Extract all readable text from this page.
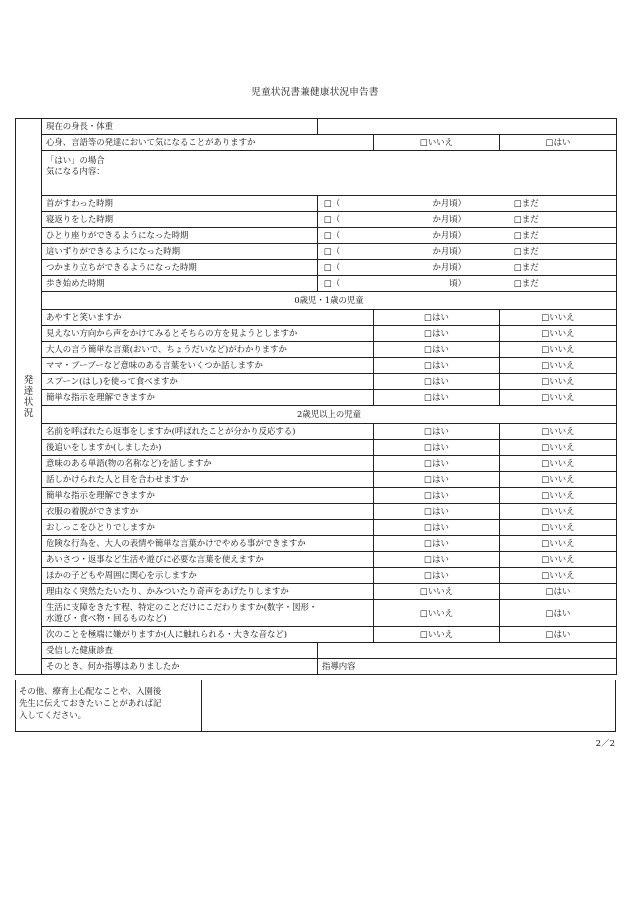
児童状況書兼健康状況申告書
発達状況	現在の身長・体重			
	心身、言語等の発達において気になることがありますか		□いいえ	□はい

	「はい」の場合
気になる内容：			

	首がすわった時期	□（ か月頃） □まだ		
	寝返りをした時期	□（ か月頃） □まだ		
	ひとり座りができるようになった時期	□（ か月頃） □まだ		
	這いずりができるようになった時期	□（ か月頃） □まだ		
	つかまり立ちができるようになった時期	□（ か月頃） □まだ		
	歩き始めた時期	□（ 頃） □まだ		
	0歳児・1歳の児童			
	あやすと笑いますか		□はい	□いいえ
	見えない方向から声をかけてみるとそちらの方を見ようとしますか		□はい	□いいえ
	大人の言う簡単な言葉(おいで、ちょうだいなど)がわかりますか		□はい	□いいえ
	ママ・ブーブーなど意味のある言葉をいくつか話しますか		□はい	□いいえ
	スプーン(はし)を使って食べますか		□はい	□いいえ
	簡単な指示を理解できますか		□はい	□いいえ
	2歳児以上の児童			
	名前を呼ばれたら返事をしますか(呼ばれたことが分かり反応する)		□はい	□いいえ
	後追いをしますか(しましたか)		□はい	□いいえ
	意味のある単語(物の名称など)を話しますか		□はい	□いいえ
	話しかけられた人と目を合わせますか		□はい	□いいえ
	簡単な指示を理解できますか		□はい	□いいえ
	衣服の着脱ができますか		□はい	□いいえ
	おしっこをひとりでしますか		□はい	□いいえ
	危険な行為を、大人の表情や簡単な言葉かけでやめる事ができますか		□はい	□いいえ
	あいさつ・返事など生活や遊びに必要な言葉を使えますか		□はい	□いいえ
	ほかの子どもや周囲に関心を示しますか		□はい	□いいえ
	理由なく突然たたいたり、かみついたり奇声をあげたりしますか		□いいえ	□はい

	生活に支障をきたす程、特定のことだけにこだわりますか(数字・図形・
水遊び・食べ物・回るものなど)		□いいえ	□はい
	次のことを極端に嫌がりますか(人に触れられる・大きな音など)		□いいえ	□はい
	受信した健康診査			
	そのとき、何か指導はありましたか	指導内容		
その他、療育上心配なことや、入園後
先生に伝えておきたいことがあれば記
入してください。
2／2
